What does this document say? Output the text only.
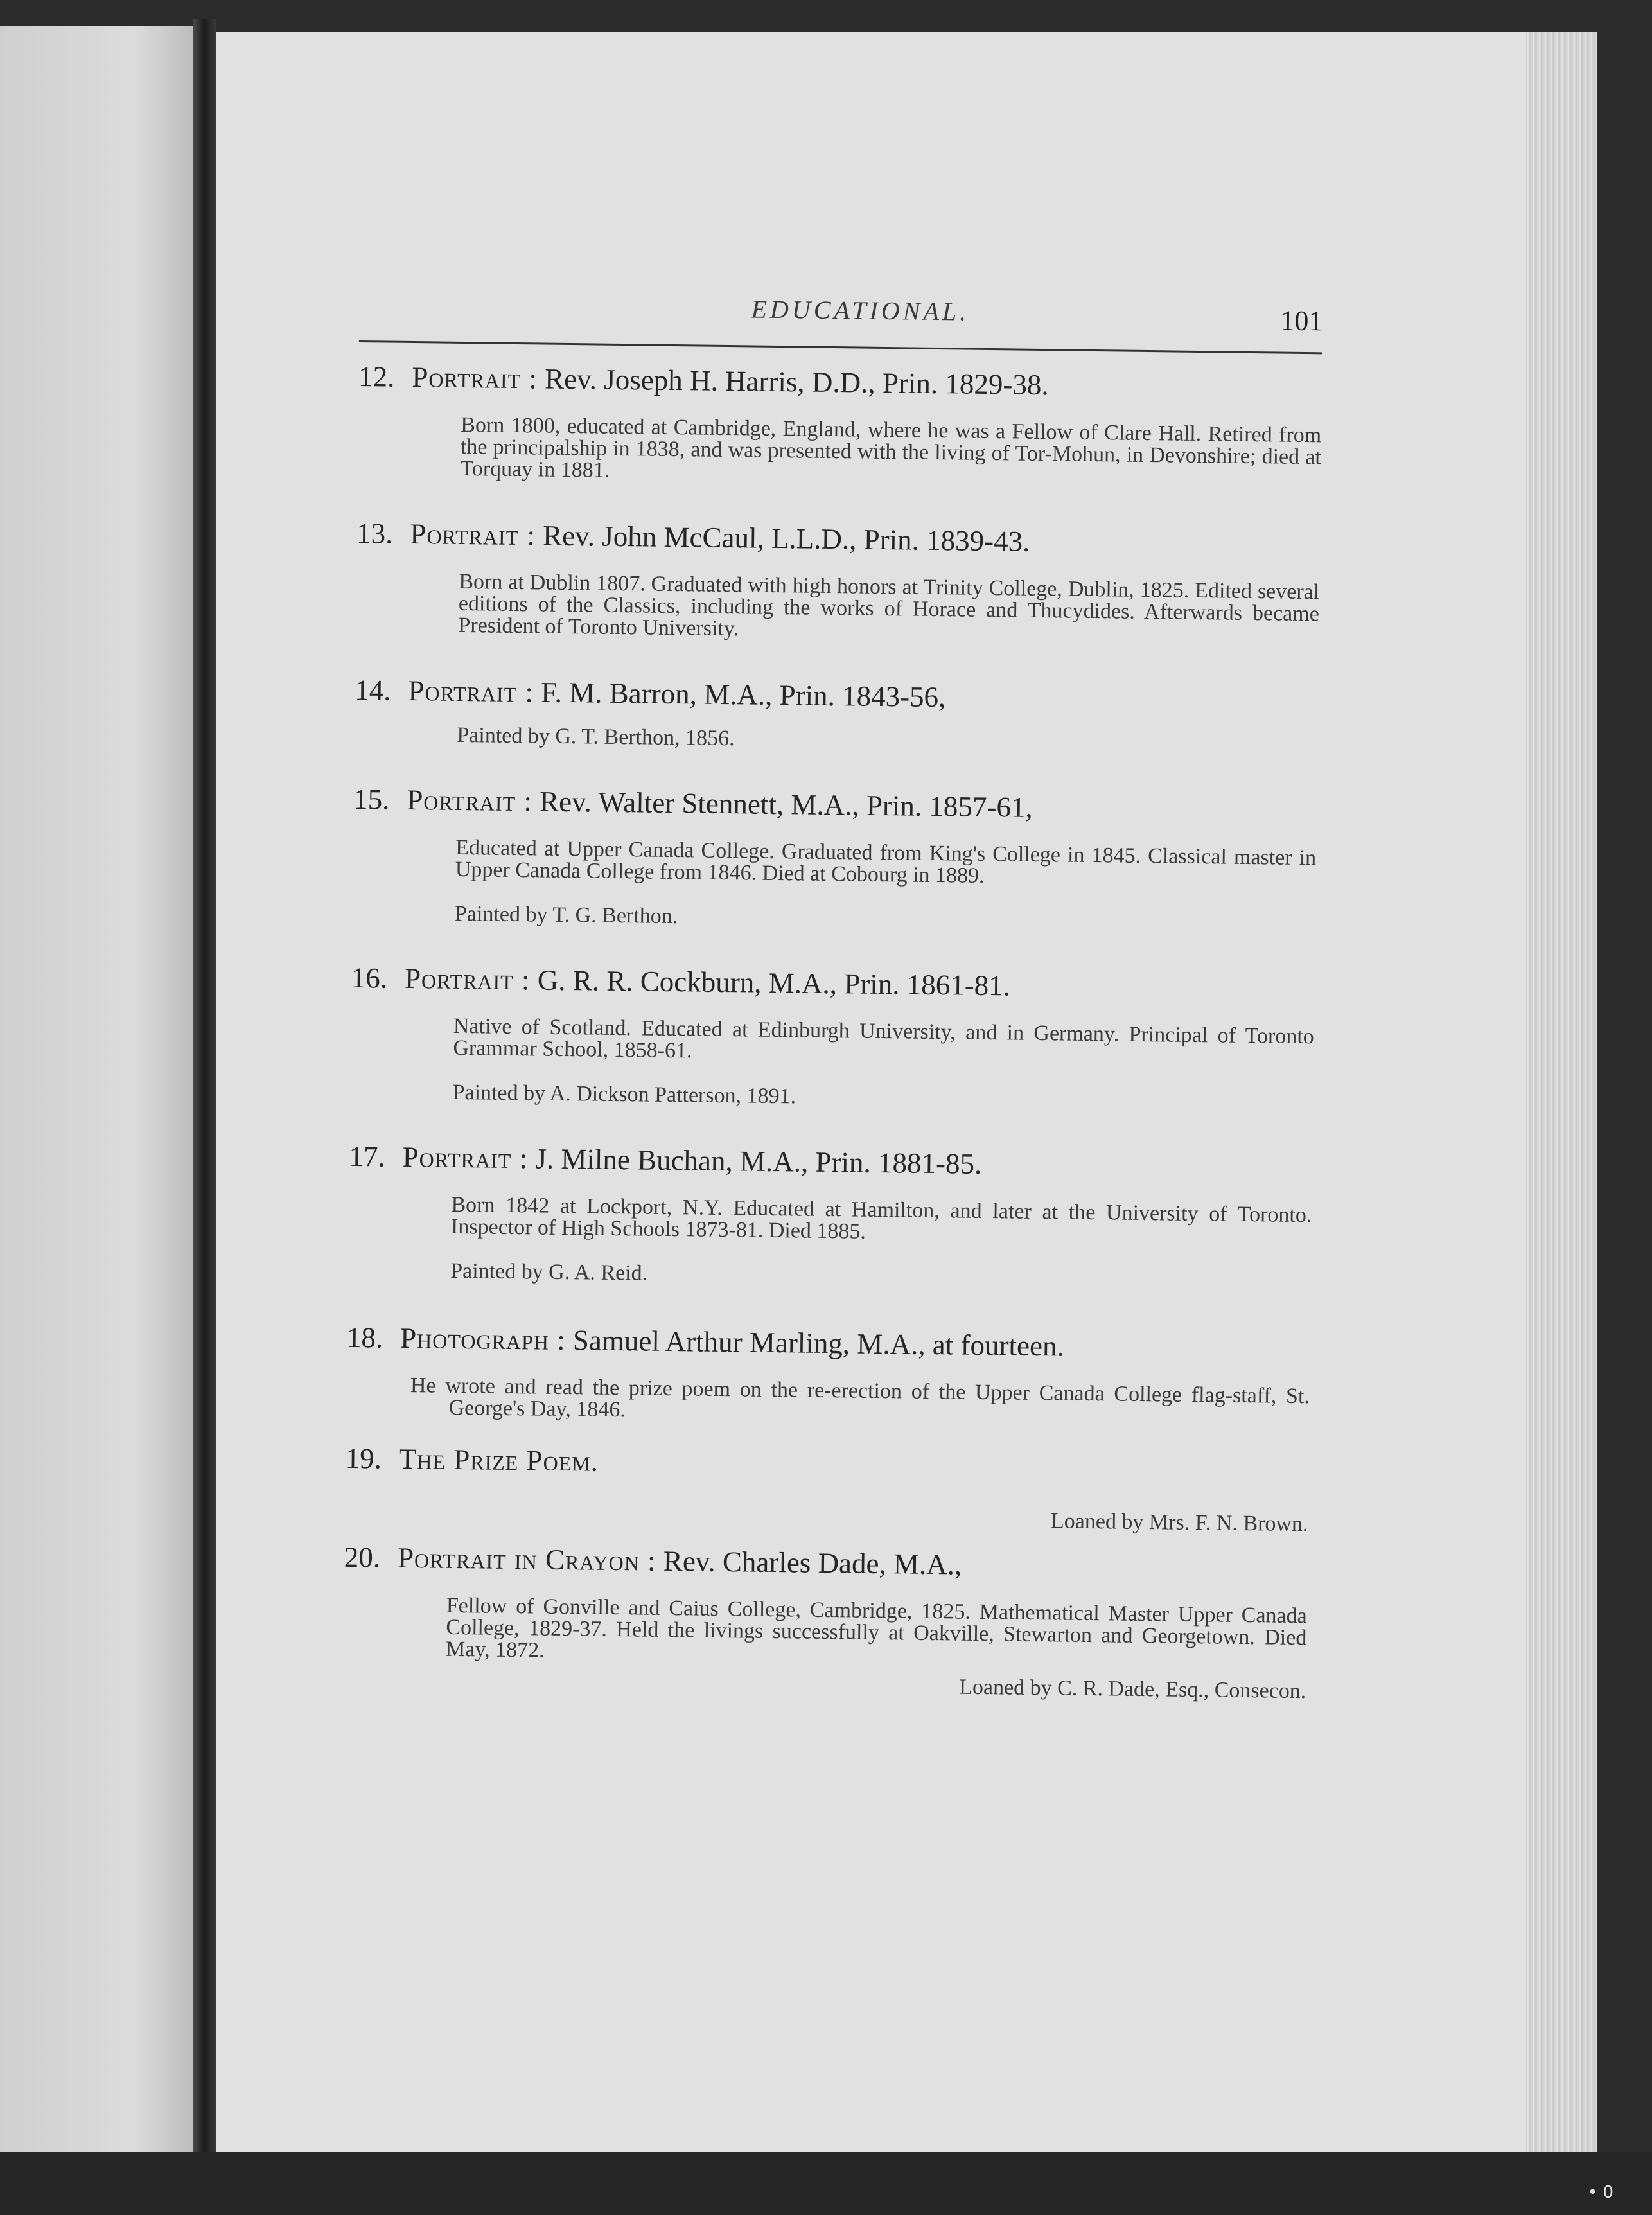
EDUCATIONAL.	101
12. Portrait : Rev. Joseph H. Harris, D.D., Prin. 1829-38.
Born 1800, educated at Cambridge, England, where he was a Fellow of Clare Hall. Retired from the principalship in 1838, and was presented with the living of Tor-Mohun, in Devonshire; died at Torquay in 1881.
13. Portrait : Rev. John McCaul, L.L.D., Prin. 1839-43.
Born at Dublin 1807. Graduated with high honors at Trinity College, Dublin, 1825. Edited several editions of the Classics, including the works of Horace and Thucydides. Afterwards became President of Toronto University.
14. Portrait : F. M. Barron, M.A., Prin. 1843-56,
Painted by G. T. Berthon, 1856.
15. Portrait : Rev. Walter Stennett, M.A., Prin. 1857-61,
Educated at Upper Canada College. Graduated from King's College in 1845. Classical master in Upper Canada College from 1846. Died at Cobourg in 1889.
Painted by T. G. Berthon.
16. Portrait : G. R. R. Cockburn, M.A., Prin. 1861-81.
Native of Scotland. Educated at Edinburgh University, and in Germany. Principal of Toronto Grammar School, 1858-61.
Painted by A. Dickson Patterson, 1891.
17. Portrait : J. Milne Buchan, M.A., Prin. 1881-85.
Born 1842 at Lockport, N.Y. Educated at Hamilton, and later at the University of Toronto. Inspector of High Schools 1873-81. Died 1885.
Painted by G. A. Reid.
18. Photograph : Samuel Arthur Marling, M.A., at fourteen.
He wrote and read the prize poem on the re-erection of the Upper Canada College flag-staff, St. George's Day, 1846.
19. The Prize Poem.
Loaned by Mrs. F. N. Brown.
20. Portrait in Crayon : Rev. Charles Dade, M.A.,
Fellow of Gonville and Caius College, Cambridge, 1825. Mathematical Master Upper Canada College, 1829-37. Held the livings successfully at Oakville, Stewarton and Georgetown. Died May, 1872.
Loaned by C. R. Dade, Esq., Consecon.
• 0
